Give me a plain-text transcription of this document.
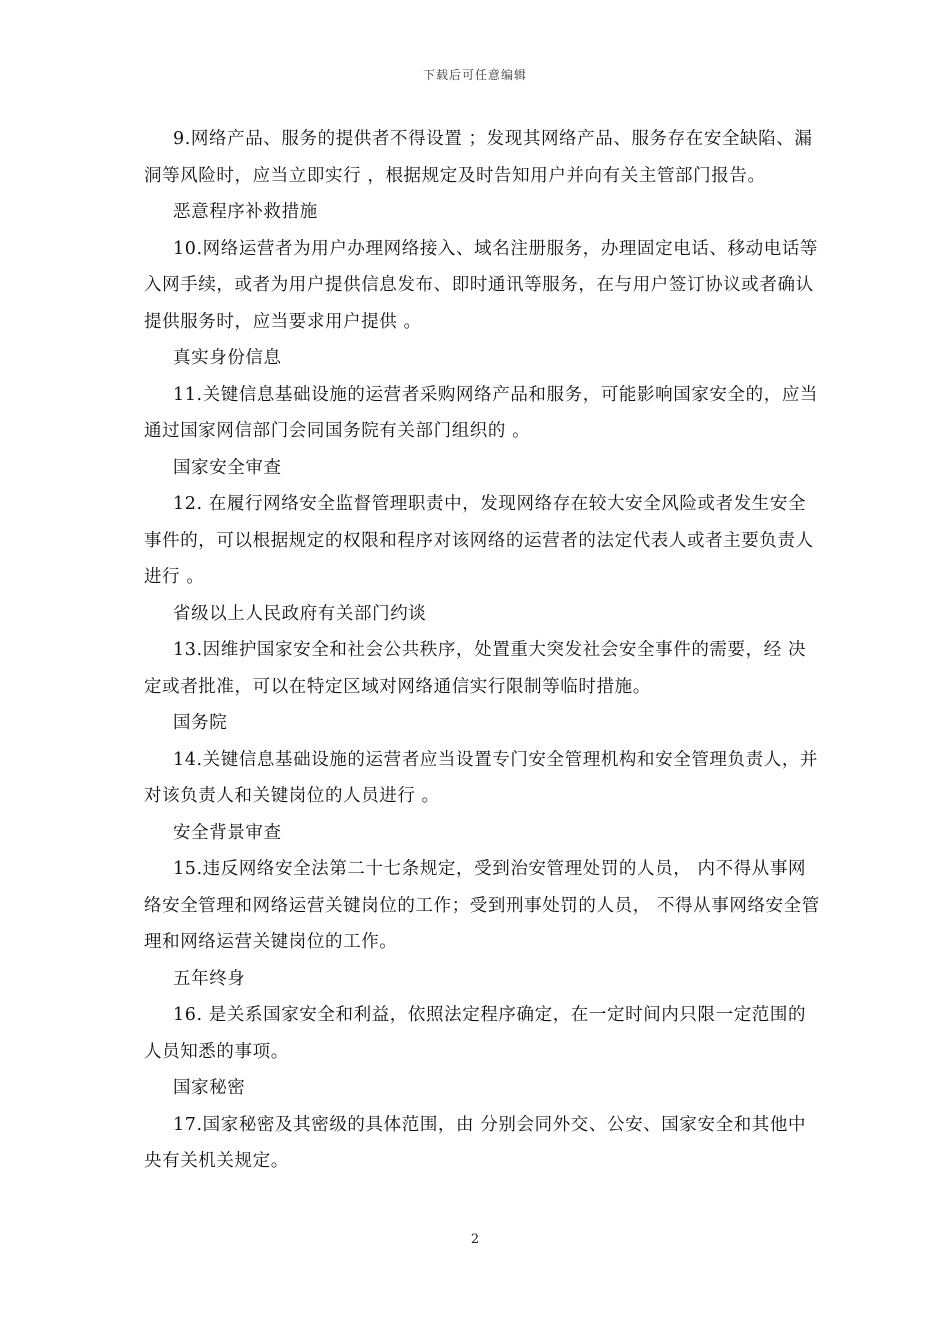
下载后可任意编辑

9.网络产品、服务的提供者不得设置 ；发现其网络产品、服务存在安全缺陷、漏洞等风险时，应当立即实行 ，根据规定及时告知用户并向有关主管部门报告。

恶意程序补救措施

10.网络运营者为用户办理网络接入、域名注册服务，办理固定电话、移动电话等入网手续，或者为用户提供信息发布、即时通讯等服务，在与用户签订协议或者确认提供服务时，应当要求用户提供 。

真实身份信息

11.关键信息基础设施的运营者采购网络产品和服务，可能影响国家安全的，应当通过国家网信部门会同国务院有关部门组织的 。

国家安全审查

12. 在履行网络安全监督管理职责中，发现网络存在较大安全风险或者发生安全事件的，可以根据规定的权限和程序对该网络的运营者的法定代表人或者主要负责人进行 。

省级以上人民政府有关部门约谈

13.因维护国家安全和社会公共秩序，处置重大突发社会安全事件的需要，经 决定或者批准，可以在特定区域对网络通信实行限制等临时措施。

国务院

14.关键信息基础设施的运营者应当设置专门安全管理机构和安全管理负责人，并对该负责人和关键岗位的人员进行 。

安全背景审查

15.违反网络安全法第二十七条规定，受到治安管理处罚的人员， 内不得从事网络安全管理和网络运营关键岗位的工作；受到刑事处罚的人员， 不得从事网络安全管理和网络运营关键岗位的工作。

五年终身

16. 是关系国家安全和利益，依照法定程序确定，在一定时间内只限一定范围的人员知悉的事项。

国家秘密

17.国家秘密及其密级的具体范围，由 分别会同外交、公安、国家安全和其他中央有关机关规定。

2
